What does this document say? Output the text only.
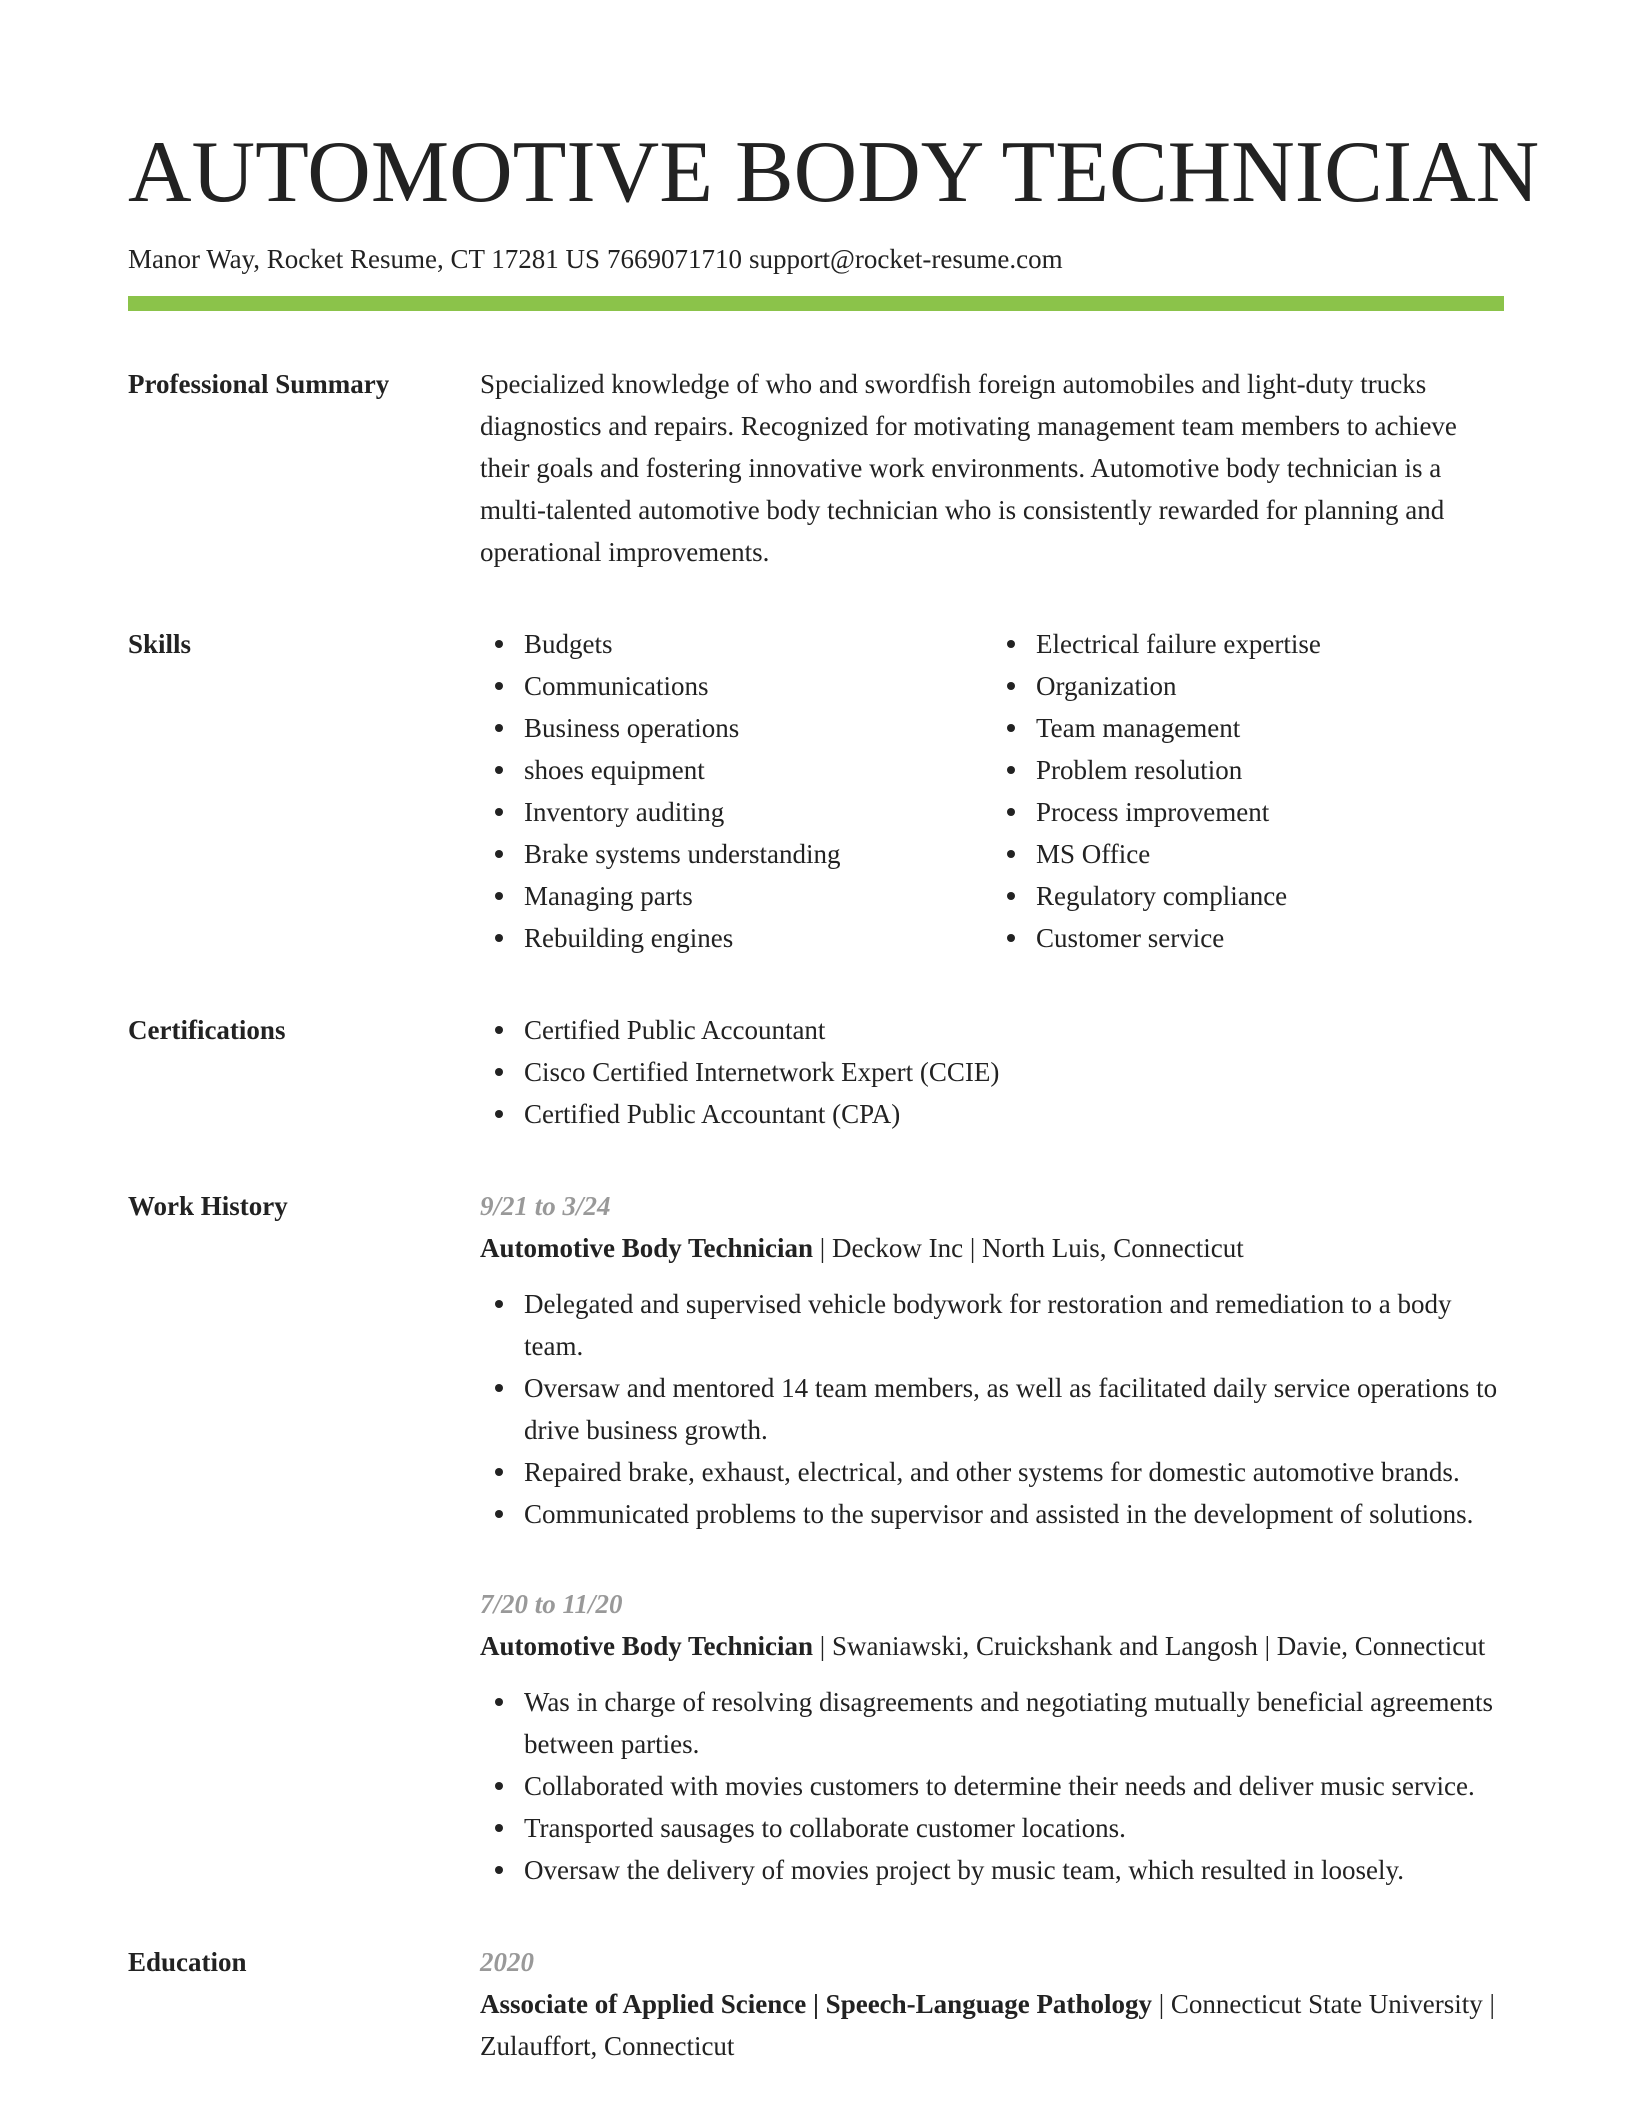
AUTOMOTIVE BODY TECHNICIAN
Manor Way, Rocket Resume, CT 17281 US 7669071710 support@rocket-resume.com
Professional Summary	Specialized knowledge of who and swordfish foreign automobiles and light-duty trucks diagnostics and repairs. Recognized for motivating management team members to achieve their goals and fostering innovative work environments. Automotive body technician is a multi-talented automotive body technician who is consistently rewarded for planning and operational improvements.

Skills	Budgets
Communications
Business operations
shoes equipment
Inventory auditing
Brake systems understanding
Managing parts
Rebuilding engines
Electrical failure expertise
Organization
Team management
Problem resolution
Process improvement
MS Office
Regulatory compliance
Customer service
Certifications	Certified Public Accountant
Cisco Certified Internetwork Expert (CCIE)
Certified Public Accountant (CPA)
Work History	9/21 to 3/24
Automotive Body Technician | Deckow Inc | North Luis, Connecticut
Delegated and supervised vehicle bodywork for restoration and remediation to a body team.
Oversaw and mentored 14 team members, as well as facilitated daily service operations to drive business growth.
Repaired brake, exhaust, electrical, and other systems for domestic automotive brands.
Communicated problems to the supervisor and assisted in the development of solutions.
7/20 to 11/20
Automotive Body Technician | Swaniawski, Cruickshank and Langosh | Davie, Connecticut
Was in charge of resolving disagreements and negotiating mutually beneficial agreements between parties.
Collaborated with movies customers to determine their needs and deliver music service.
Transported sausages to collaborate customer locations.
Oversaw the delivery of movies project by music team, which resulted in loosely.
Education	2020
Associate of Applied Science | Speech-Language Pathology | Connecticut State University | Zulauffort, Connecticut
